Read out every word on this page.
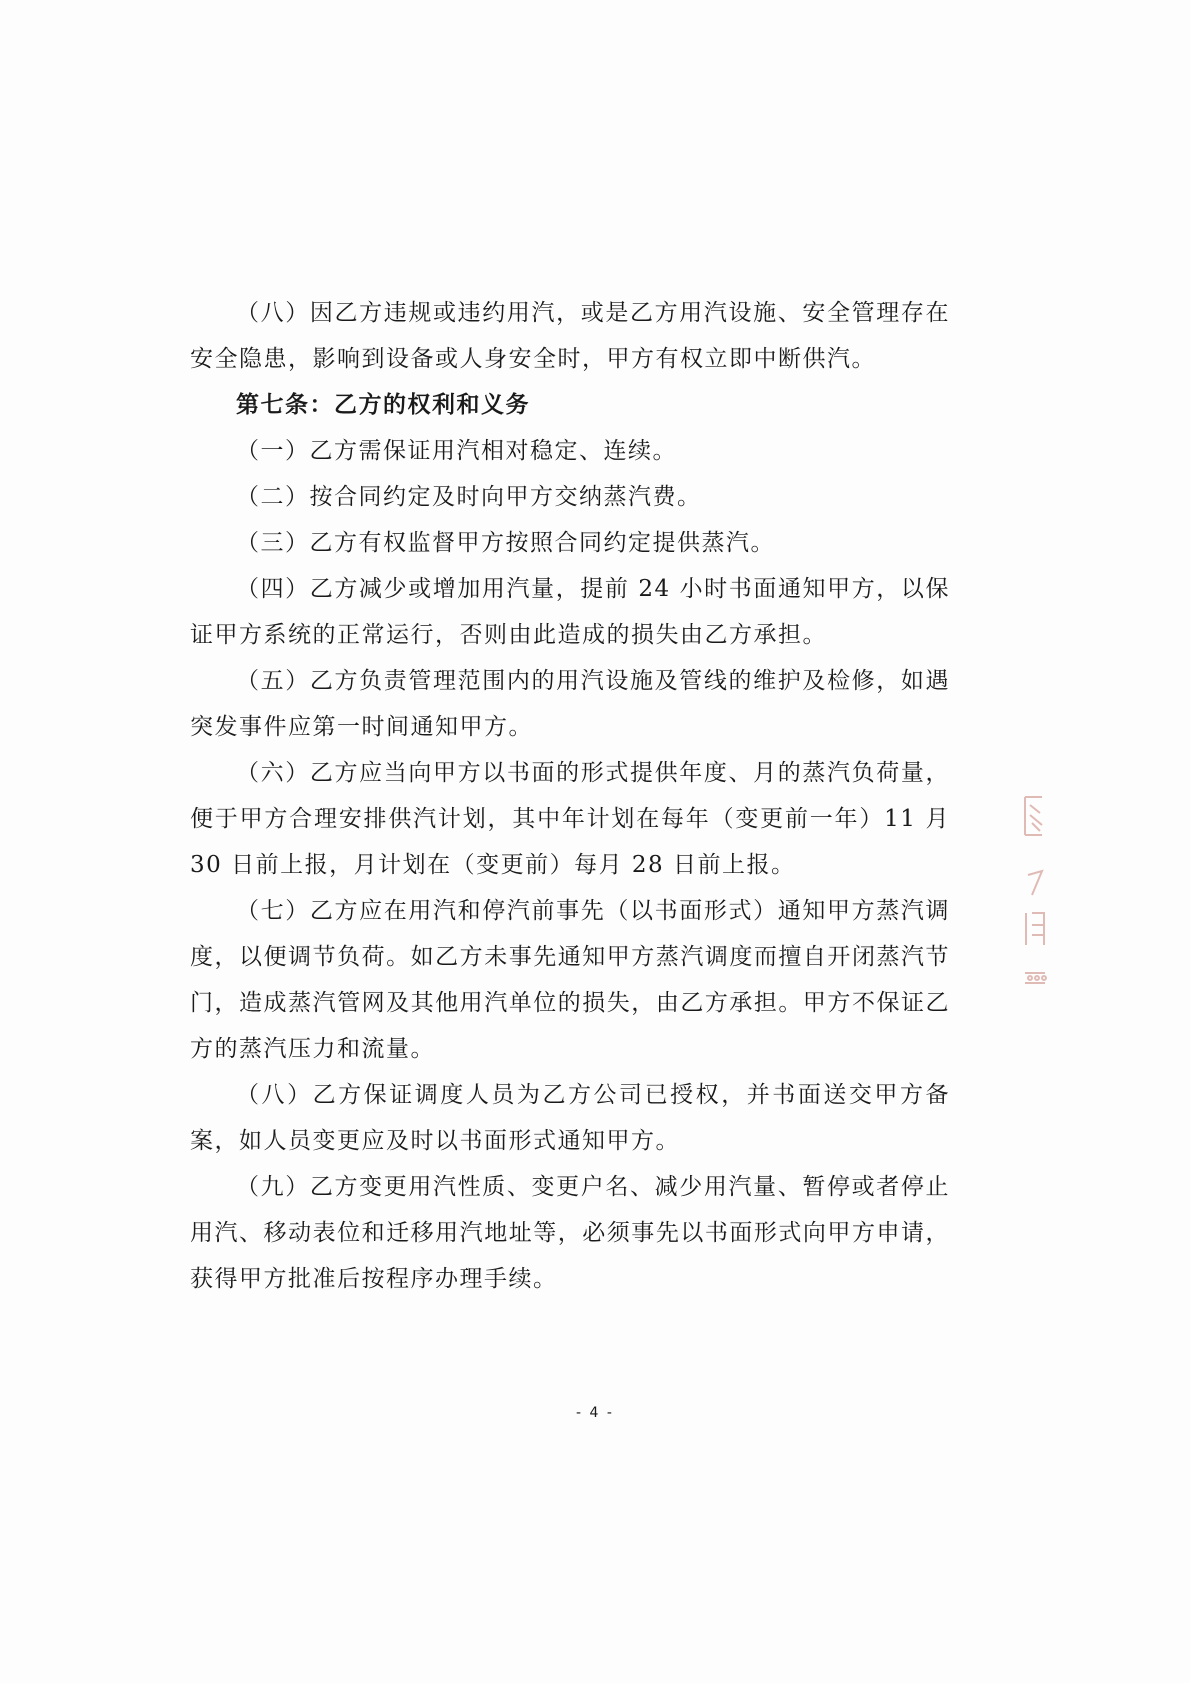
（八）因乙方违规或违约用汽，或是乙方用汽设施、安全管理存在安全隐患，影响到设备或人身安全时，甲方有权立即中断供汽。

第七条：乙方的权利和义务

（一）乙方需保证用汽相对稳定、连续。

（二）按合同约定及时向甲方交纳蒸汽费。

（三）乙方有权监督甲方按照合同约定提供蒸汽。

（四）乙方减少或增加用汽量，提前 24 小时书面通知甲方，以保证甲方系统的正常运行，否则由此造成的损失由乙方承担。

（五）乙方负责管理范围内的用汽设施及管线的维护及检修，如遇突发事件应第一时间通知甲方。

（六）乙方应当向甲方以书面的形式提供年度、月的蒸汽负荷量，便于甲方合理安排供汽计划，其中年计划在每年（变更前一年）11 月 30 日前上报，月计划在（变更前）每月 28 日前上报。

（七）乙方应在用汽和停汽前事先（以书面形式）通知甲方蒸汽调度，以便调节负荷。如乙方未事先通知甲方蒸汽调度而擅自开闭蒸汽节门，造成蒸汽管网及其他用汽单位的损失，由乙方承担。甲方不保证乙方的蒸汽压力和流量。

（八）乙方保证调度人员为乙方公司已授权，并书面送交甲方备案，如人员变更应及时以书面形式通知甲方。

（九）乙方变更用汽性质、变更户名、减少用汽量、暂停或者停止用汽、移动表位和迁移用汽地址等，必须事先以书面形式向甲方申请，获得甲方批准后按程序办理手续。

- 4 -
